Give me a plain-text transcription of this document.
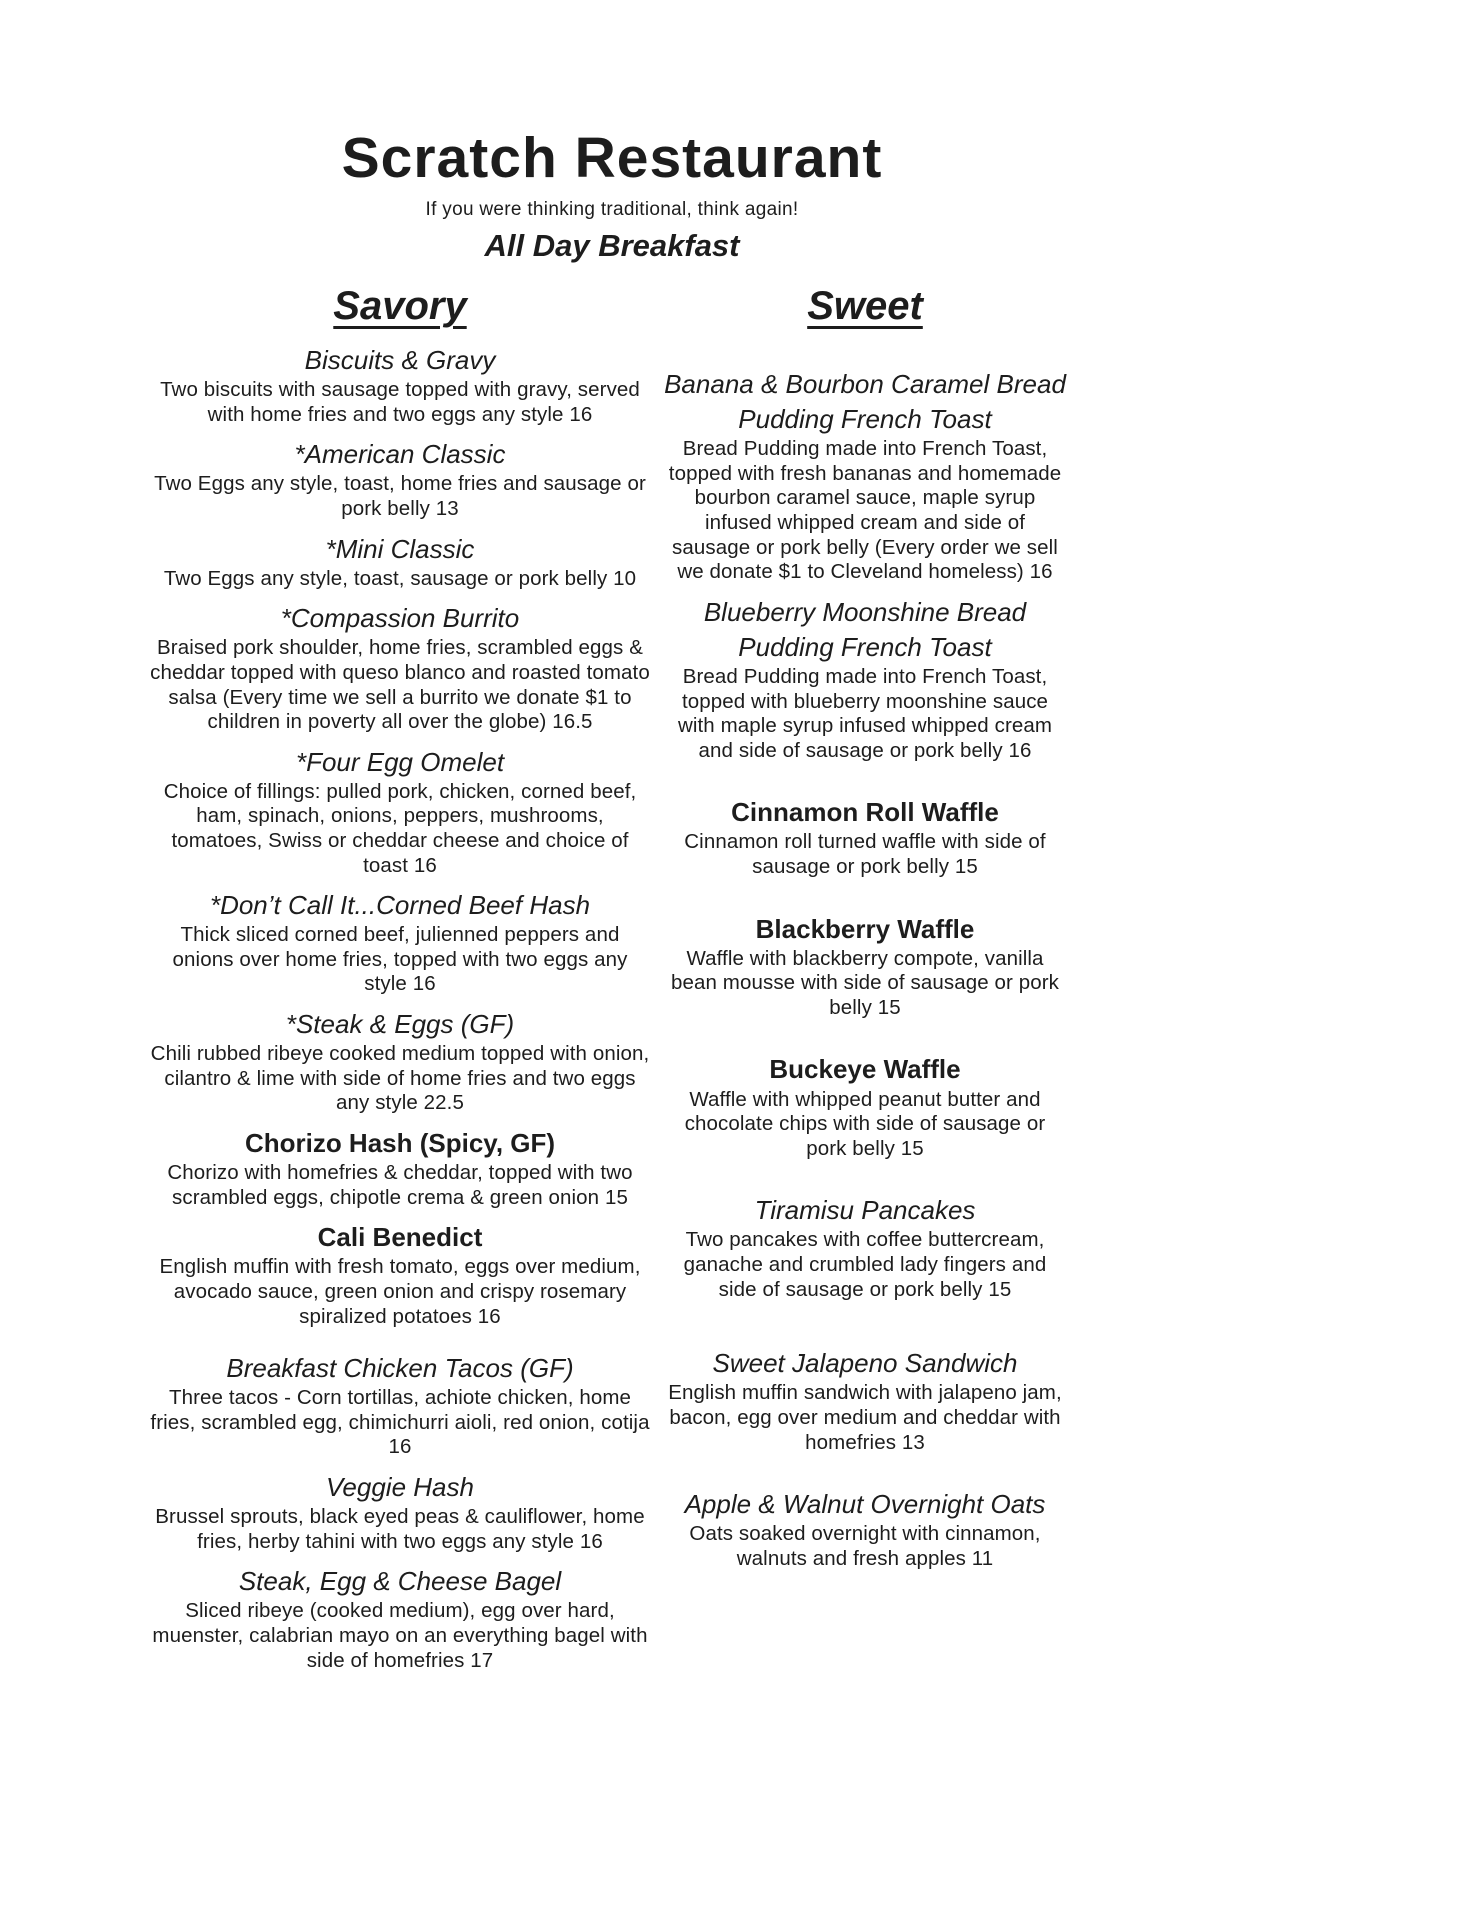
Scratch Restaurant
If you were thinking traditional, think again!
All Day Breakfast
Savory
Biscuits & Gravy
Two biscuits with sausage topped with gravy, served with home fries and two eggs any style 16
*American Classic
Two Eggs any style, toast, home fries and sausage or pork belly 13
*Mini Classic
Two Eggs any style, toast, sausage or pork belly 10
*Compassion Burrito
Braised pork shoulder, home fries, scrambled eggs & cheddar topped with queso blanco and roasted tomato salsa (Every time we sell a burrito we donate $1 to children in poverty all over the globe) 16.5
*Four Egg Omelet
Choice of fillings: pulled pork, chicken, corned beef, ham, spinach, onions, peppers, mushrooms, tomatoes, Swiss or cheddar cheese and choice of toast 16
*Don’t Call It...Corned Beef Hash
Thick sliced corned beef, julienned peppers and onions over home fries, topped with two eggs any style 16
*Steak & Eggs (GF)
Chili rubbed ribeye cooked medium topped with onion, cilantro & lime with side of home fries and two eggs any style 22.5
Chorizo Hash (Spicy, GF)
Chorizo with homefries & cheddar, topped with two scrambled eggs, chipotle crema & green onion 15
Cali Benedict
English muffin with fresh tomato, eggs over medium, avocado sauce, green onion and crispy rosemary spiralized potatoes 16
Breakfast Chicken Tacos (GF)
Three tacos - Corn tortillas, achiote chicken, home fries, scrambled egg, chimichurri aioli, red onion, cotija 16
Veggie Hash
Brussel sprouts, black eyed peas & cauliflower, home fries, herby tahini with two eggs any style 16
Steak, Egg & Cheese Bagel
Sliced ribeye (cooked medium), egg over hard, muenster, calabrian mayo on an everything bagel with side of homefries 17
Sweet
Banana & Bourbon Caramel Bread Pudding French Toast
Bread Pudding made into French Toast, topped with fresh bananas and homemade bourbon caramel sauce, maple syrup infused whipped cream and side of sausage or pork belly (Every order we sell we donate $1 to Cleveland homeless) 16
Blueberry Moonshine Bread Pudding French Toast
Bread Pudding made into French Toast, topped with blueberry moonshine sauce with maple syrup infused whipped cream and side of sausage or pork belly 16
Cinnamon Roll Waffle
Cinnamon roll turned waffle with side of sausage or pork belly 15
Blackberry Waffle
Waffle with blackberry compote, vanilla bean mousse with side of sausage or pork belly 15
Buckeye Waffle
Waffle with whipped peanut butter and chocolate chips with side of sausage or pork belly 15
Tiramisu Pancakes
Two pancakes with coffee buttercream, ganache and crumbled lady fingers and side of sausage or pork belly 15
Sweet Jalapeno Sandwich
English muffin sandwich with jalapeno jam, bacon, egg over medium and cheddar with homefries 13
Apple & Walnut Overnight Oats
Oats soaked overnight with cinnamon, walnuts and fresh apples 11
